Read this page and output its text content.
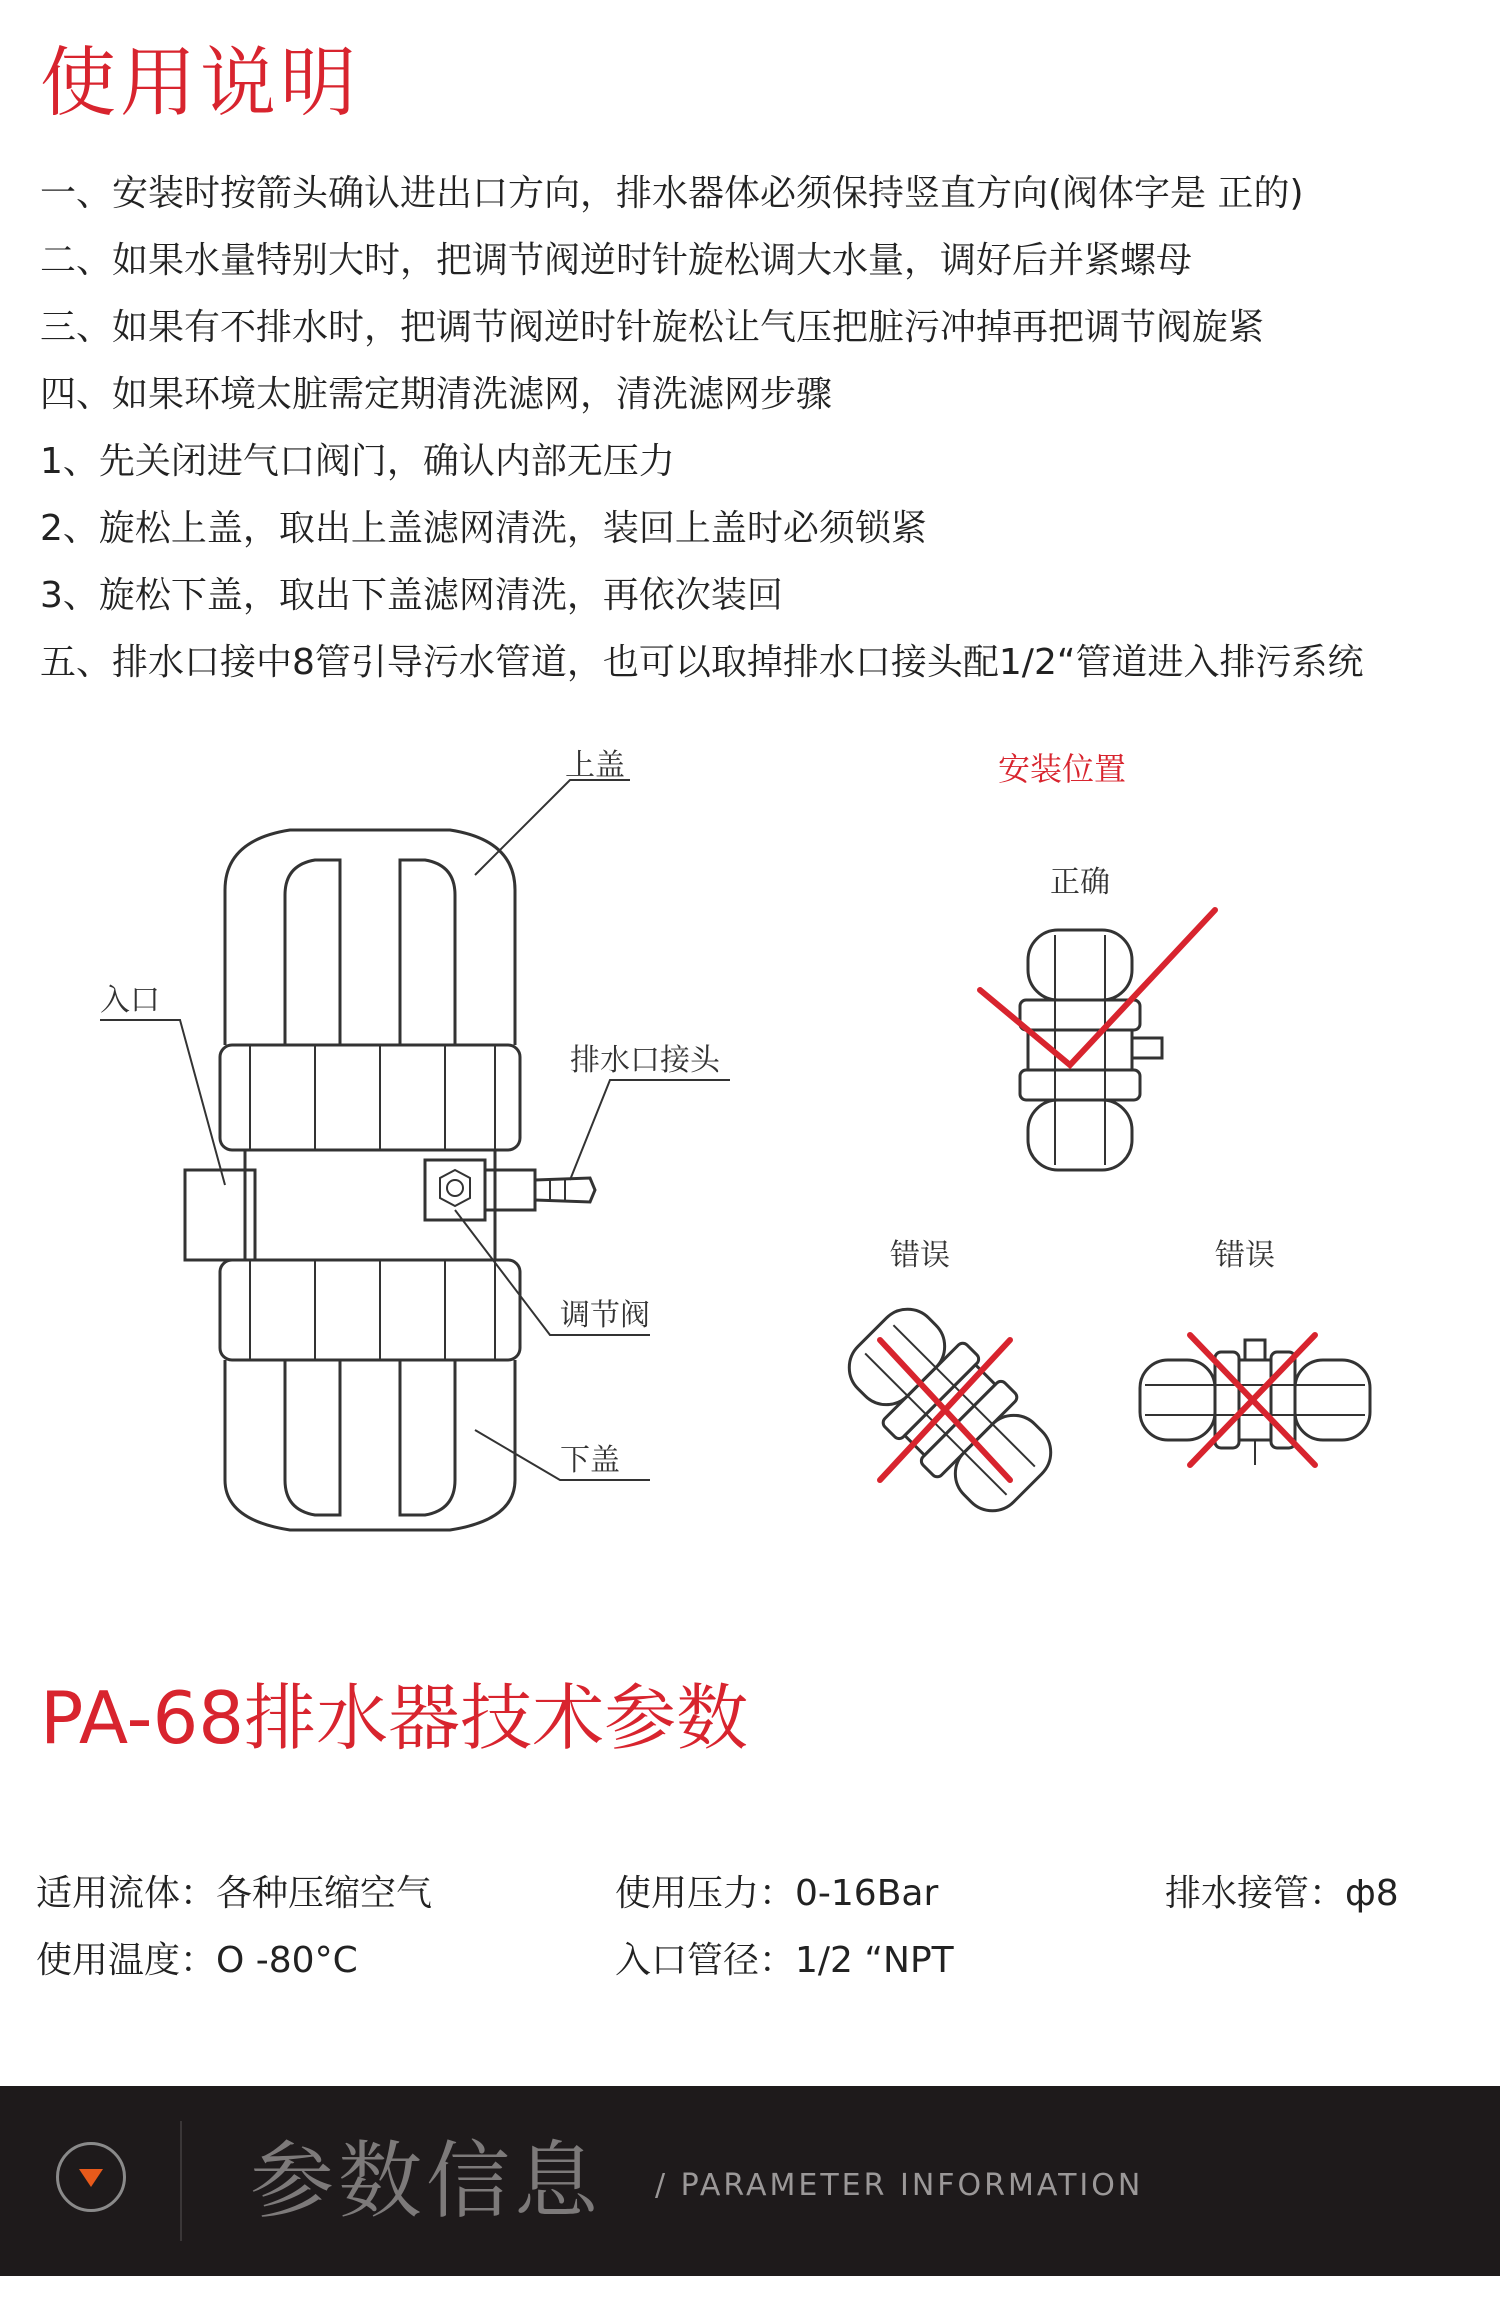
使用说明
一、安装时按箭头确认进出口方向，排水器体必须保持竖直方向(阀体字是 正的)
二、如果水量特别大时，把调节阀逆时针旋松调大水量，调好后并紧螺母
三、如果有不排水时，把调节阀逆时针旋松让气压把脏污冲掉再把调节阀旋紧
四、如果环境太脏需定期清洗滤网，清洗滤网步骤
1、先关闭进气口阀门，确认内部无压力
2、旋松上盖，取出上盖滤网清洗，装回上盖时必须锁紧
3、旋松下盖，取出下盖滤网清洗，再依次装回
五、排水口接中8管引导污水管道，也可以取掉排水口接头配1/2“管道进入排污系统
上盖
入口
排水口接头
调节阀
下盖
安装位置
正确
错误	错误
PA-68排水器技术参数
适用流体：各种压缩空气	使用压力：0-16Bar	排水接管：ф8
使用温度：O -80°C	入口管径：1/2 “NPT
参数信息 / PARAMETER INFORMATION
